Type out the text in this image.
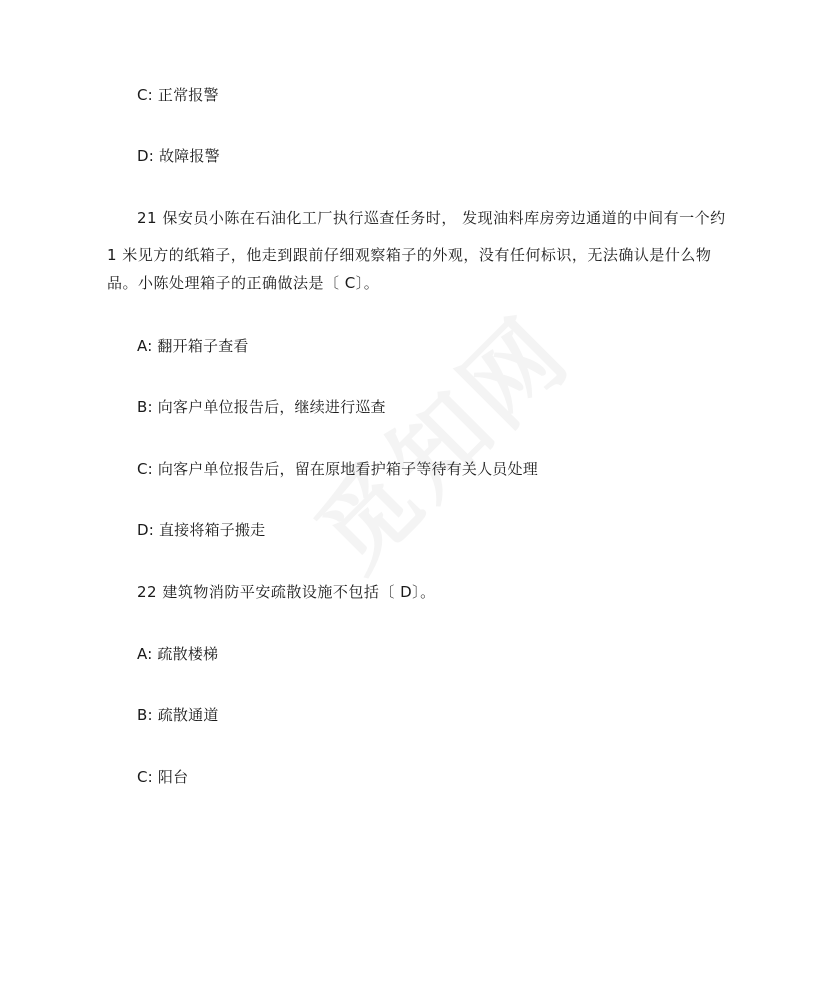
C: 正常报警
D: 故障报警
21 保安员小陈在石油化工厂执行巡查任务时， 发现油料库房旁边通道的中间有一个约
1 米见方的纸箱子，他走到跟前仔细观察箱子的外观，没有任何标识，无法确认是什么物
品。小陈处理箱子的正确做法是〔 C〕。
A: 翻开箱子查看
B: 向客户单位报告后，继续进行巡查
C: 向客户单位报告后，留在原地看护箱子等待有关人员处理
D: 直接将箱子搬走
22 建筑物消防平安疏散设施不包括〔 D〕。
A: 疏散楼梯
B: 疏散通道
C: 阳台
